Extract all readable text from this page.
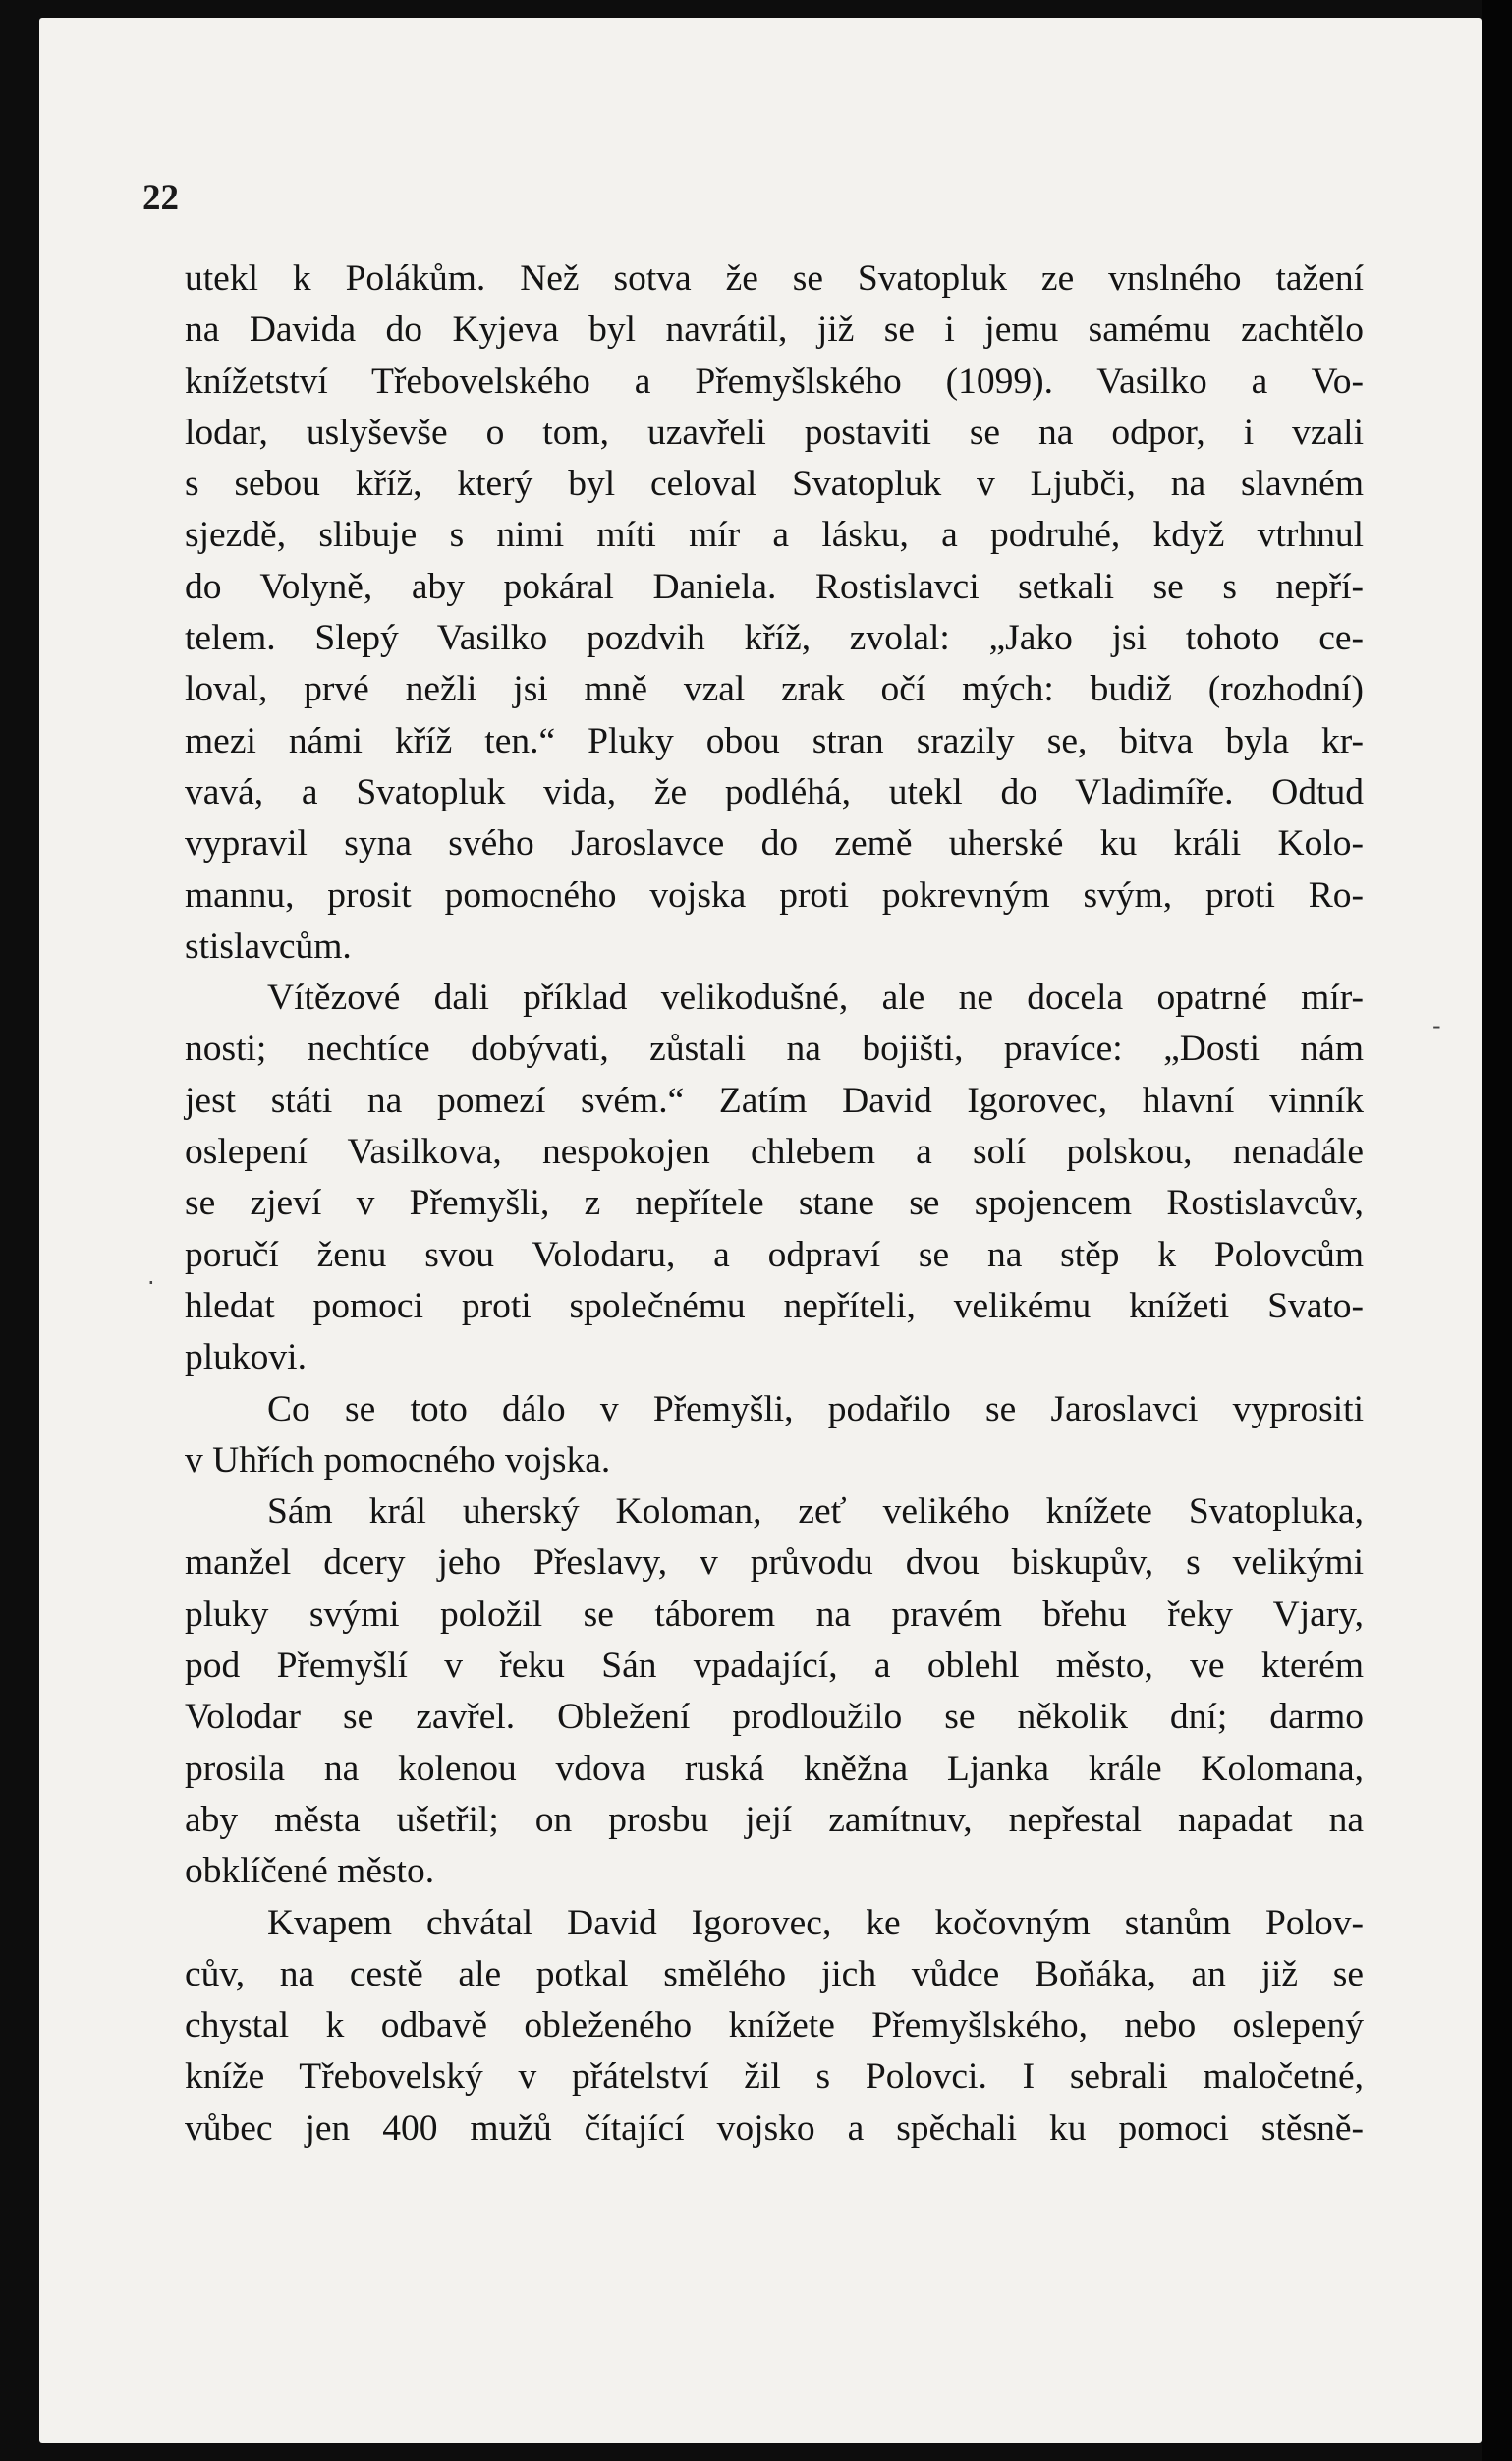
22
utekl k Polákům. Než sotva že se Svatopluk ze vnslného tažení
na Davida do Kyjeva byl navrátil, již se i jemu samému zachtělo
knížetství Třebovelského a Přemyšlského (1099). Vasilko a Vo-
lodar, uslyševše o tom, uzavřeli postaviti se na odpor, i vzali
s sebou kříž, který byl celoval Svatopluk v Ljubči, na slavném
sjezdě, slibuje s nimi míti mír a lásku, a podruhé, když vtrhnul
do Volyně, aby pokáral Daniela. Rostislavci setkali se s nepří-
telem. Slepý Vasilko pozdvih kříž, zvolal: „Jako jsi tohoto ce-
loval, prvé nežli jsi mně vzal zrak očí mých: budiž (rozhodní)
mezi námi kříž ten.“ Pluky obou stran srazily se, bitva byla kr-
vavá, a Svatopluk vida, že podléhá, utekl do Vladimíře. Odtud
vypravil syna svého Jaroslavce do země uherské ku králi Kolo-
mannu, prosit pomocného vojska proti pokrevným svým, proti Ro-
stislavcům.
Vítězové dali příklad velikodušné, ale ne docela opatrné mír-
nosti; nechtíce dobývati, zůstali na bojišti, pravíce: „Dosti nám
jest státi na pomezí svém.“ Zatím David Igorovec, hlavní vinník
oslepení Vasilkova, nespokojen chlebem a solí polskou, nenadále
se zjeví v Přemyšli, z nepřítele stane se spojencem Rostislavcův,
poručí ženu svou Volodaru, a odpraví se na stěp k Polovcům
hledat pomoci proti společnému nepříteli, velikému knížeti Svato-
plukovi.
Co se toto dálo v Přemyšli, podařilo se Jaroslavci vyprositi
v Uhřích pomocného vojska.
Sám král uherský Koloman, zeť velikého knížete Svatopluka,
manžel dcery jeho Přeslavy, v průvodu dvou biskupův, s velikými
pluky svými položil se táborem na pravém břehu řeky Vjary,
pod Přemyšlí v řeku Sán vpadající, a oblehl město, ve kterém
Volodar se zavřel. Obležení prodloužilo se několik dní; darmo
prosila na kolenou vdova ruská kněžna Ljanka krále Kolomana,
aby města ušetřil; on prosbu její zamítnuv, nepřestal napadat na
obklíčené město.
Kvapem chvátal David Igorovec, ke kočovným stanům Polov-
cův, na cestě ale potkal smělého jich vůdce Boňáka, an již se
chystal k odbavě obleženého knížete Přemyšlského, nebo oslepený
kníže Třebovelský v přátelství žil s Polovci. I sebrali maločetné,
vůbec jen 400 mužů čítající vojsko a spěchali ku pomoci stěsně-
-
.
